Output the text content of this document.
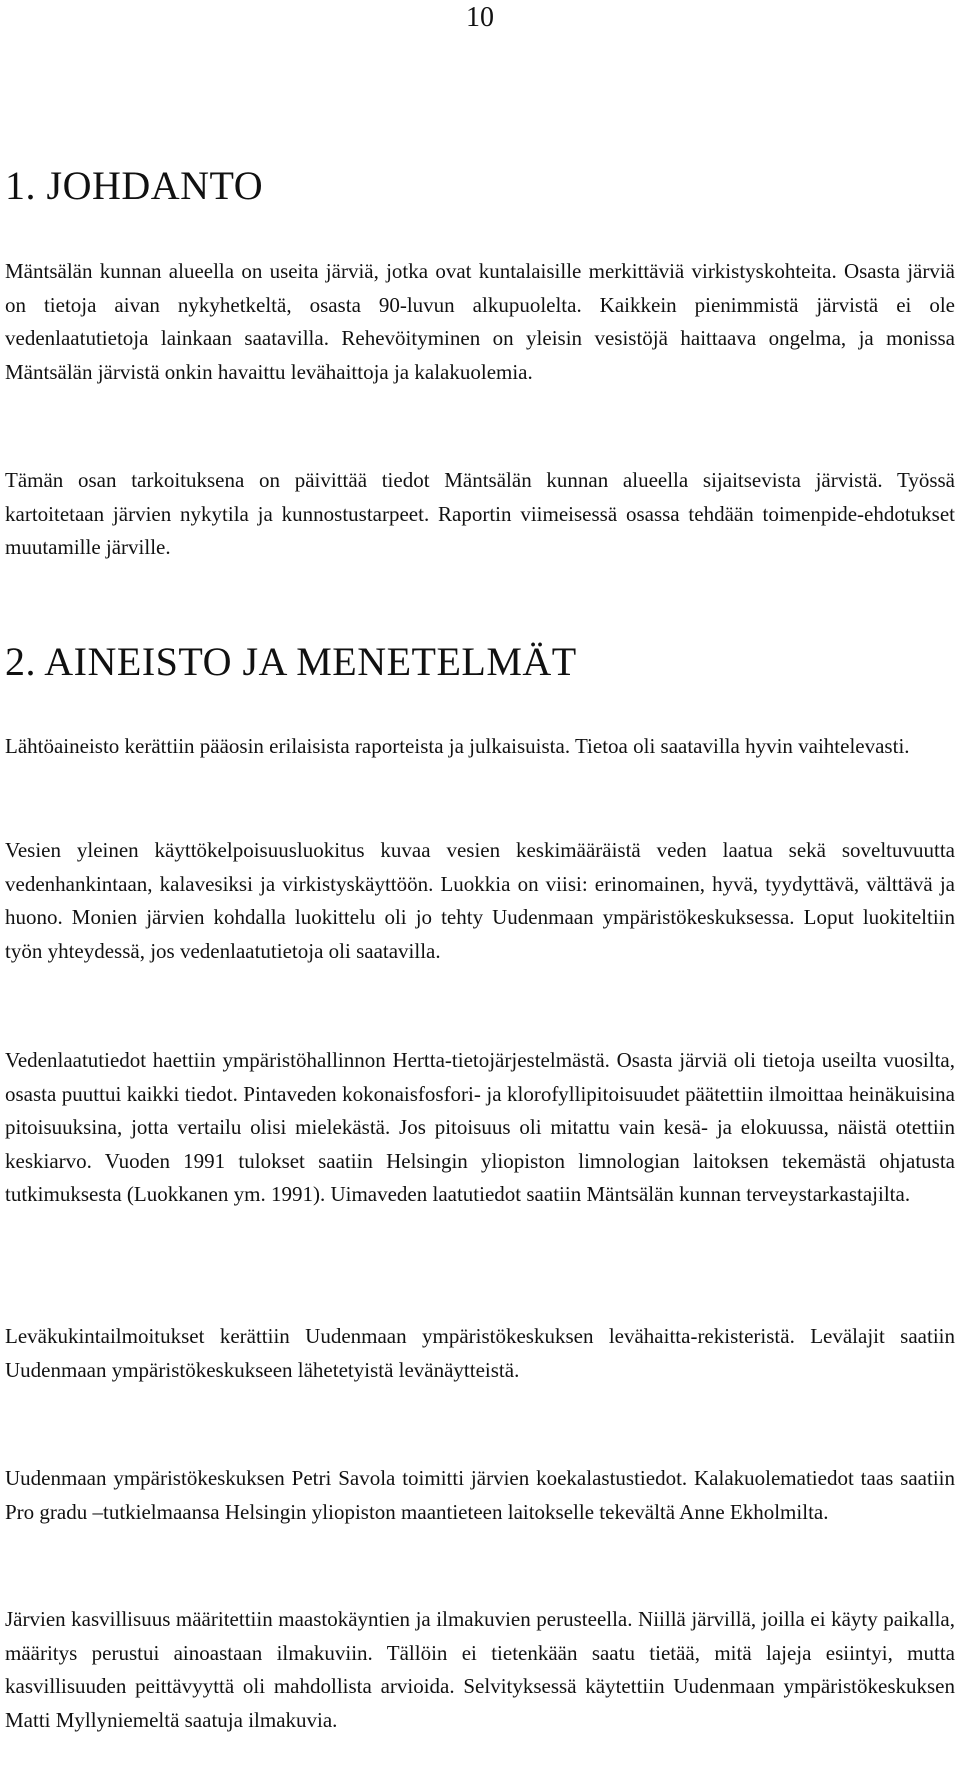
10
1. JOHDANTO

Mäntsälän kunnan alueella on useita järviä, jotka ovat kuntalaisille merkittäviä virkistyskohteita. Osasta järviä on tietoja aivan nykyhetkeltä, osasta 90-luvun alkupuolelta. Kaikkein pienimmistä järvistä ei ole vedenlaatutietoja lainkaan saatavilla. Rehevöityminen on yleisin vesistöjä haittaava ongelma, ja monissa Mäntsälän järvistä onkin havaittu levähaittoja ja kalakuolemia.

Tämän osan tarkoituksena on päivittää tiedot Mäntsälän kunnan alueella sijaitsevista järvistä. Työssä kartoitetaan järvien nykytila ja kunnostustarpeet. Raportin viimeisessä osassa tehdään toimenpide-ehdotukset muutamille järville.

2. AINEISTO JA MENETELMÄT

Lähtöaineisto kerättiin pääosin erilaisista raporteista ja julkaisuista. Tietoa oli saatavilla hyvin vaihtelevasti.

Vesien yleinen käyttökelpoisuusluokitus kuvaa vesien keskimääräistä veden laatua sekä soveltuvuutta vedenhankintaan, kalavesiksi ja virkistyskäyttöön. Luokkia on viisi: erinomainen, hyvä, tyydyttävä, välttävä ja huono. Monien järvien kohdalla luokittelu oli jo tehty Uudenmaan ympäristökeskuksessa. Loput luokiteltiin työn yhteydessä, jos vedenlaatutietoja oli saatavilla.

Vedenlaatutiedot haettiin ympäristöhallinnon Hertta-tietojärjestelmästä. Osasta järviä oli tietoja useilta vuosilta, osasta puuttui kaikki tiedot. Pintaveden kokonaisfosfori- ja klorofyllipitoisuudet päätettiin ilmoittaa heinäkuisina pitoisuuksina, jotta vertailu olisi mielekästä. Jos pitoisuus oli mitattu vain kesä- ja elokuussa, näistä otettiin keskiarvo. Vuoden 1991 tulokset saatiin Helsingin yliopiston limnologian laitoksen tekemästä ohjatusta tutkimuksesta (Luokkanen ym. 1991). Uimaveden laatutiedot saatiin Mäntsälän kunnan terveystarkastajilta.

Leväkukintailmoitukset kerättiin Uudenmaan ympäristökeskuksen levähaitta-rekisteristä. Levälajit saatiin Uudenmaan ympäristökeskukseen lähetetyistä levänäytteistä.

Uudenmaan ympäristökeskuksen Petri Savola toimitti järvien koekalastustiedot. Kalakuolematiedot taas saatiin Pro gradu –tutkielmaansa Helsingin yliopiston maantieteen laitokselle tekevältä Anne Ekholmilta.

Järvien kasvillisuus määritettiin maastokäyntien ja ilmakuvien perusteella. Niillä järvillä, joilla ei käyty paikalla, määritys perustui ainoastaan ilmakuviin. Tällöin ei tietenkään saatu tietää, mitä lajeja esiintyi, mutta kasvillisuuden peittävyyttä oli mahdollista arvioida. Selvityksessä käytettiin Uudenmaan ympäristökeskuksen Matti Myllyniemeltä saatuja ilmakuvia.
